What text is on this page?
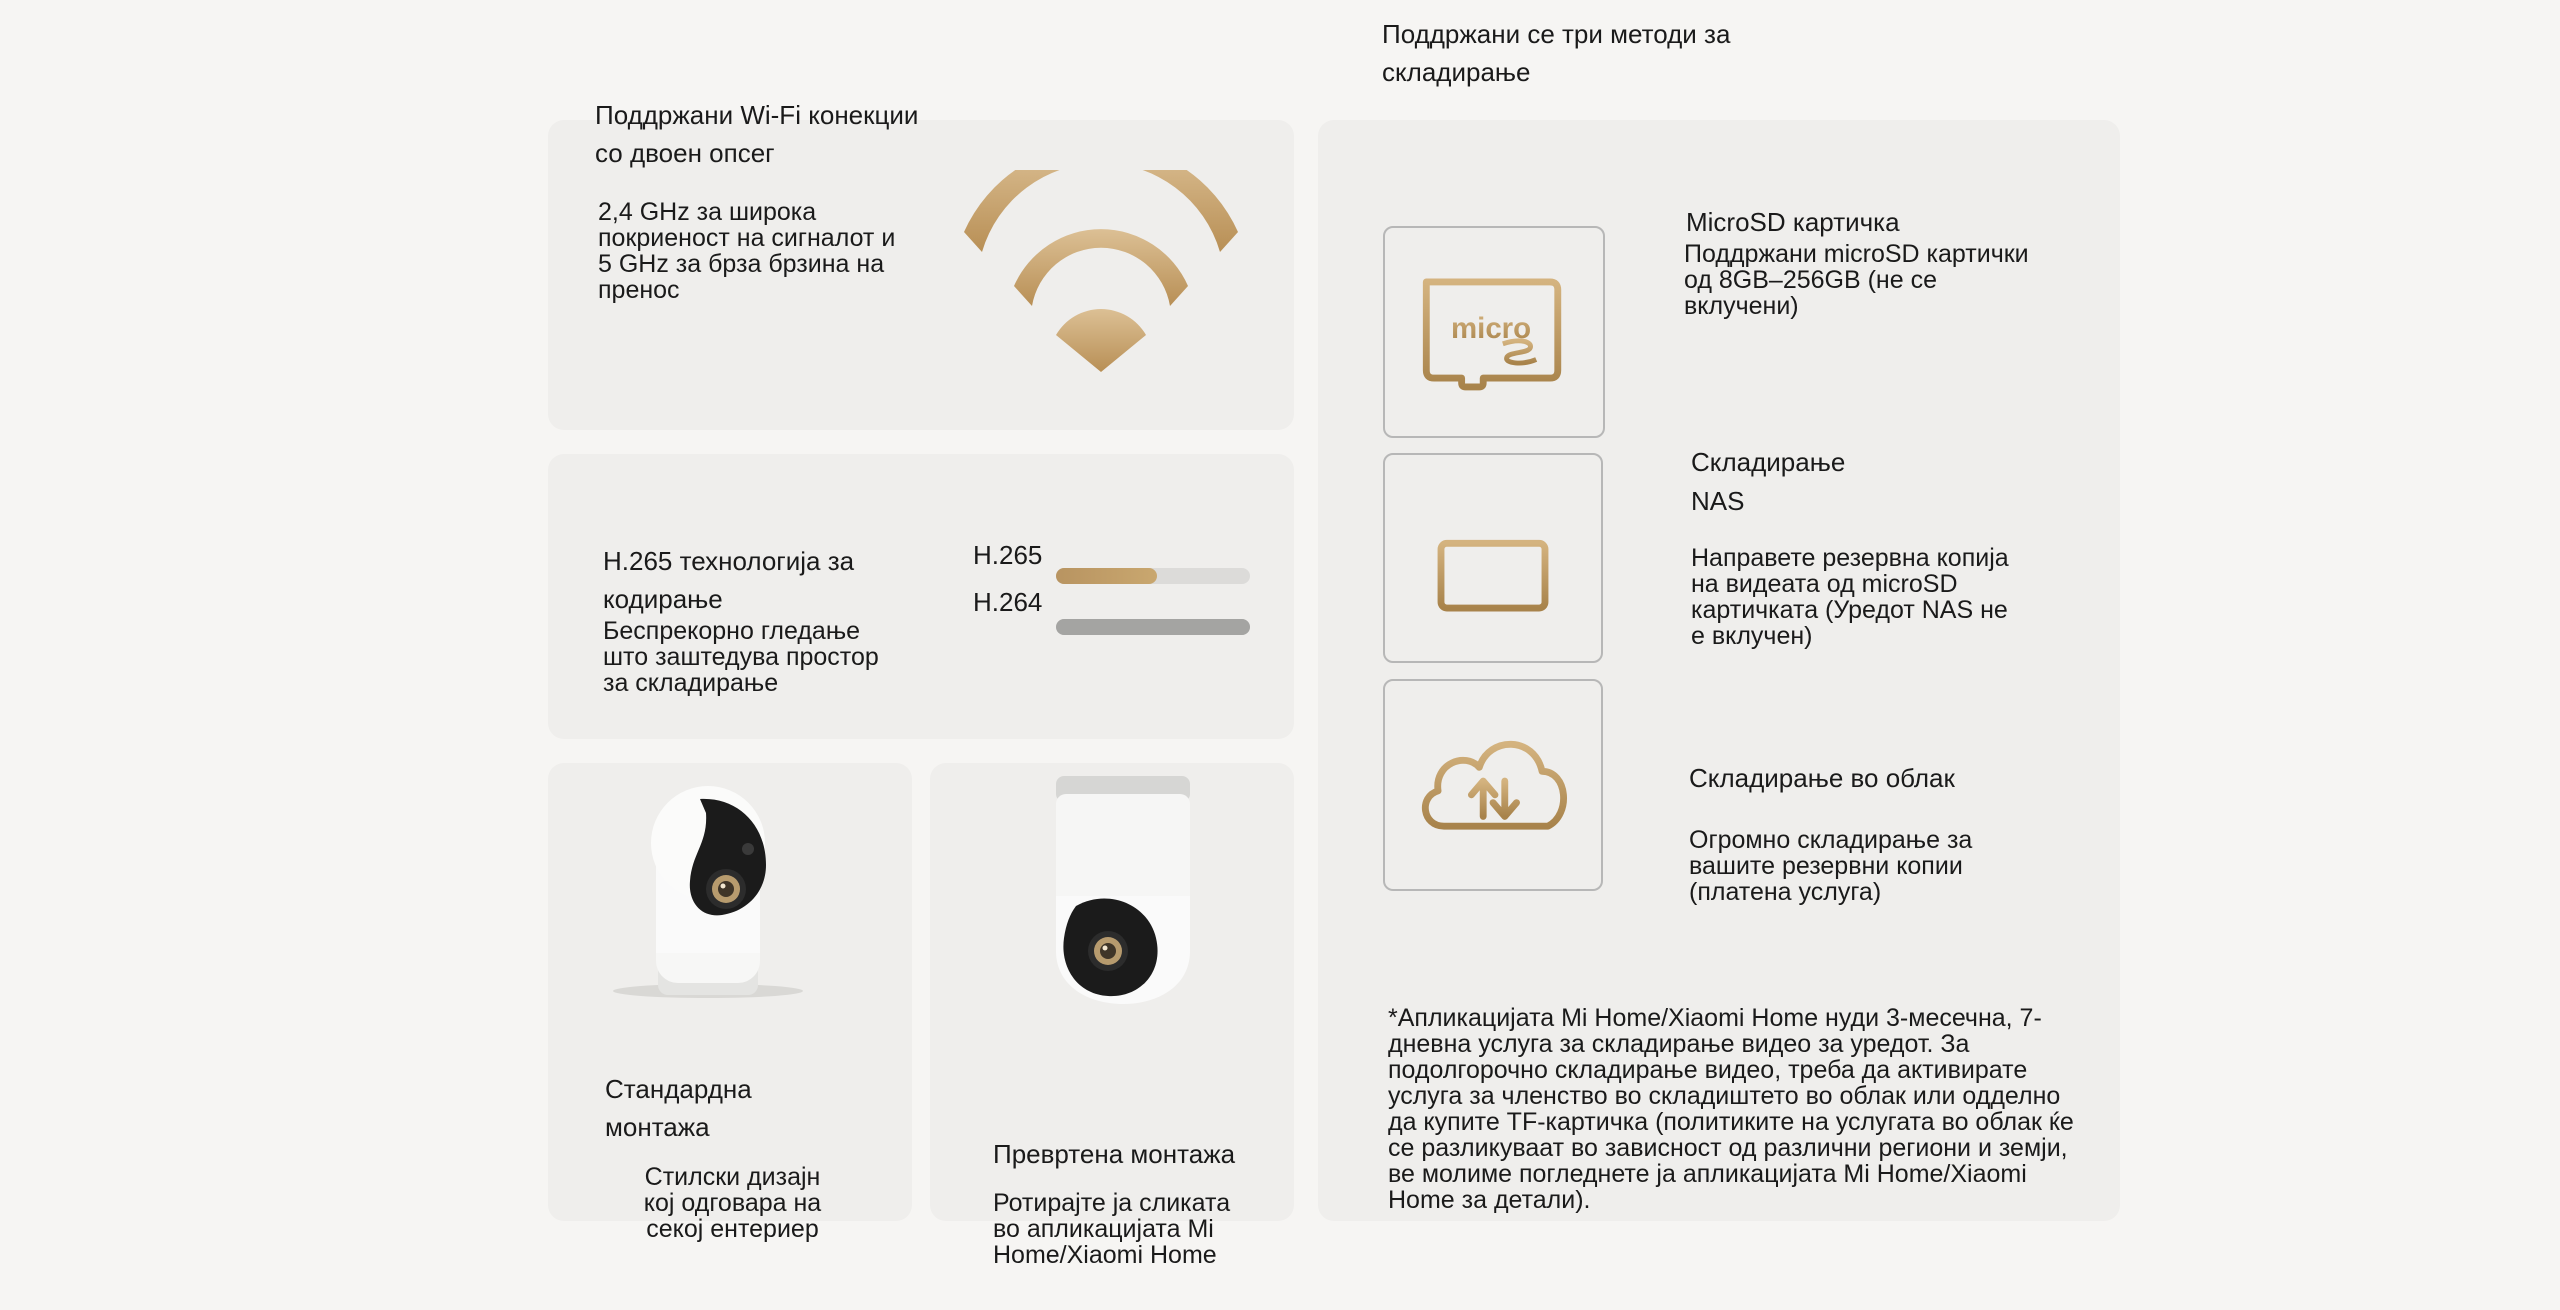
Поддржани Wi-Fi конекции со двоен опсег
2,4 GHz за широка покриеност на сигналот и 5 GHz за брза брзина на пренос
H.265 технологија за кодирање
Беспрекорно гледање што заштедува простор за складирање
H.265
H.264
Стандардна монтажа
Стилски дизајн кој одговара на секој ентериер
Превртена монтажа
Ротирајте ја сликата во апликацијата Mi Home/Xiaomi Home
Поддржани се три методи за складирање
micro
MicroSD картичка
Поддржани microSD картички од 8GB–256GB (не се вклучени)
Складирање
NAS
Направете резервна копија на видеата од microSD картичката (Уредот NAS не е вклучен)
Складирање во облак
Огромно складирање за вашите резервни копии (платена услуга)
*Апликацијата Mi Home/Xiaomi Home нуди 3-месечна, 7-дневна услуга за складирање видео за уредот. За подолгорочно складирање видео, треба да активирате услуга за членство во складиштето во облак или одделно да купите TF-картичка (политиките на услугата во облак ќе се разликуваат во зависност од различни региони и земји, ве молиме погледнете ја апликацијата Mi Home/Xiaomi Home за детали).
